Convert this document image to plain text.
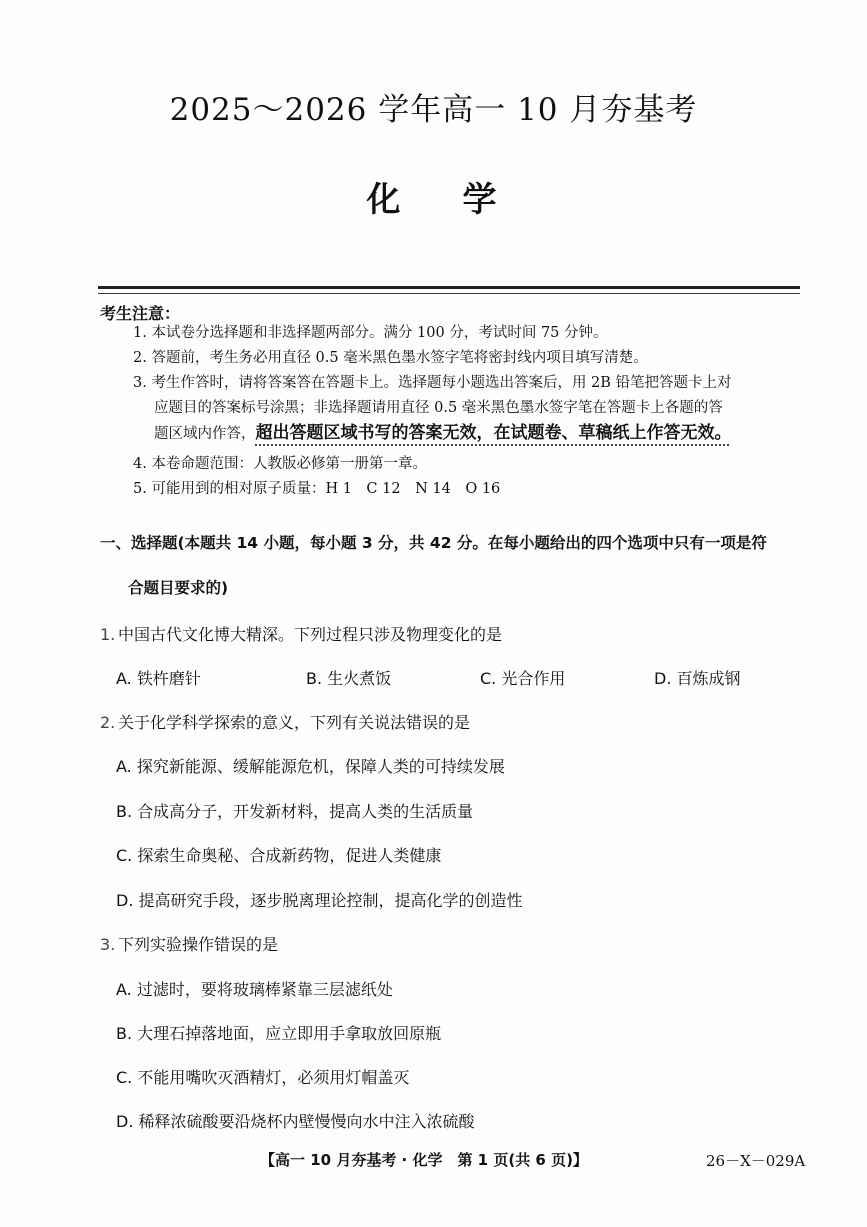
2025～2026 学年高一 10 月夯基考
化学
考生注意：
1. 本试卷分选择题和非选择题两部分。满分 100 分，考试时间 75 分钟。
2. 答题前，考生务必用直径 0.5 毫米黑色墨水签字笔将密封线内项目填写清楚。
3. 考生作答时，请将答案答在答题卡上。选择题每小题选出答案后，用 2B 铅笔把答题卡上对
应题目的答案标号涂黑；非选择题请用直径 0.5 毫米黑色墨水签字笔在答题卡上各题的答
题区域内作答，超出答题区域书写的答案无效，在试题卷、草稿纸上作答无效。
4. 本卷命题范围：人教版必修第一册第一章。
5. 可能用到的相对原子质量：H 1　C 12　N 14　O 16
一、选择题(本题共 14 小题，每小题 3 分，共 42 分。在每小题给出的四个选项中只有一项是符
合题目要求的)
1. 中国古代文化博大精深。下列过程只涉及物理变化的是
A. 铁杵磨针	B. 生火煮饭	C. 光合作用	D. 百炼成钢
2. 关于化学科学探索的意义，下列有关说法错误的是
A. 探究新能源、缓解能源危机，保障人类的可持续发展
B. 合成高分子，开发新材料，提高人类的生活质量
C. 探索生命奥秘、合成新药物，促进人类健康
D. 提高研究手段，逐步脱离理论控制，提高化学的创造性
3. 下列实验操作错误的是
A. 过滤时，要将玻璃棒紧靠三层滤纸处
B. 大理石掉落地面，应立即用手拿取放回原瓶
C. 不能用嘴吹灭酒精灯，必须用灯帽盖灭
D. 稀释浓硫酸要沿烧杯内壁慢慢向水中注入浓硫酸
【高一 10 月夯基考 · 化学　第 1 页(共 6 页)】	26－X－029A
